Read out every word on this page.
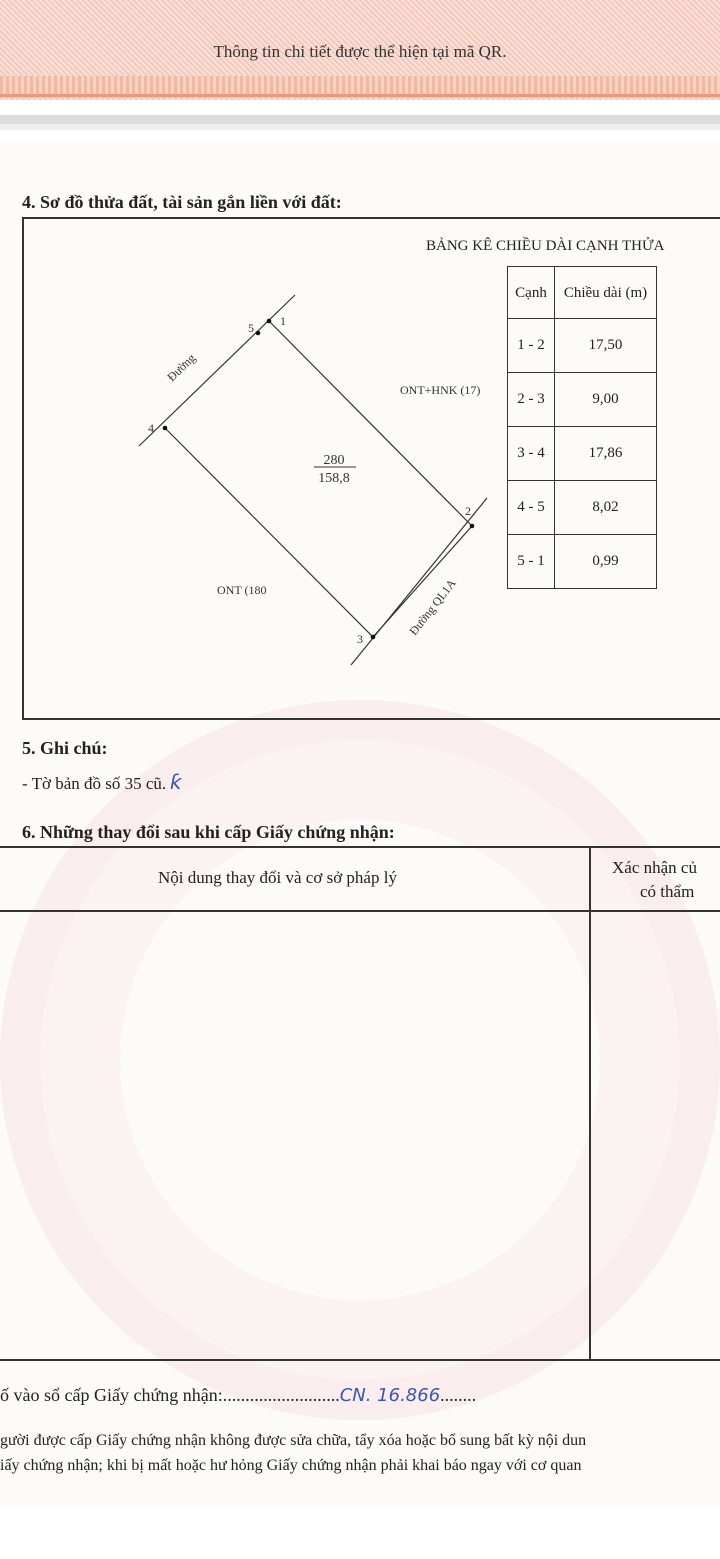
Thông tin chi tiết được thể hiện tại mã QR.
4. Sơ đồ thửa đất, tài sản gắn liền với đất:
BẢNG KÊ CHIỀU DÀI CẠNH THỬA
Cạnh	Chiều dài (m)
1 - 2	17,50
2 - 3	9,00
3 - 4	17,86
4 - 5	8,02
5 - 1	0,99
1
2
3
4
5
280
158,8
ONT+HNK (17)
ONT (180
Đường
Đường QL1A
5. Ghi chú:
- Tờ bản đồ số 35 cũ. ƙ
6. Những thay đổi sau khi cấp Giấy chứng nhận:
Nội dung thay đổi và cơ sở pháp lý
Xác nhận củ
có thẩm
ố vào sổ cấp Giấy chứng nhận:..........................CN. 16.866........
gười được cấp Giấy chứng nhận không được sửa chữa, tẩy xóa hoặc bổ sung bất kỳ nội dun
iấy chứng nhận; khi bị mất hoặc hư hỏng Giấy chứng nhận phải khai báo ngay với cơ quan
